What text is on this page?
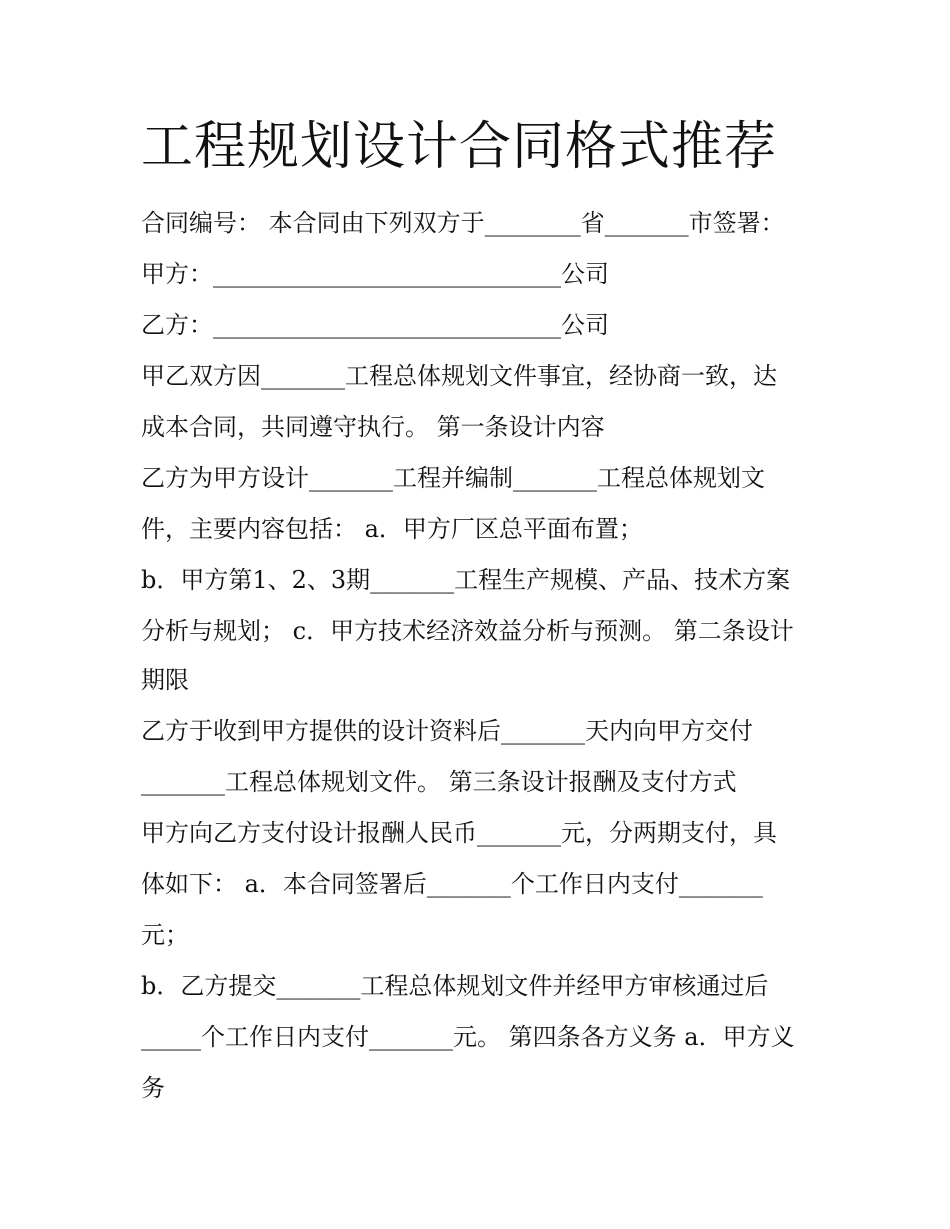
工程规划设计合同格式推荐

合同编号： 本合同由下列双方于________省_______市签署：

甲方：_____________________________公司

乙方：_____________________________公司

甲乙双方因_______工程总体规划文件事宜，经协商一致，达

成本合同，共同遵守执行。 第一条设计内容

乙方为甲方设计_______工程并编制_______工程总体规划文

件，主要内容包括： a．甲方厂区总平面布置；

b．甲方第1、2、3期_______工程生产规模、产品、技术方案

分析与规划； c．甲方技术经济效益分析与预测。 第二条设计

期限

乙方于收到甲方提供的设计资料后_______天内向甲方交付

_______工程总体规划文件。 第三条设计报酬及支付方式

甲方向乙方支付设计报酬人民币_______元，分两期支付，具

体如下： a．本合同签署后_______个工作日内支付_______

元；

b．乙方提交_______工程总体规划文件并经甲方审核通过后

_____个工作日内支付_______元。 第四条各方义务 a．甲方义

务
